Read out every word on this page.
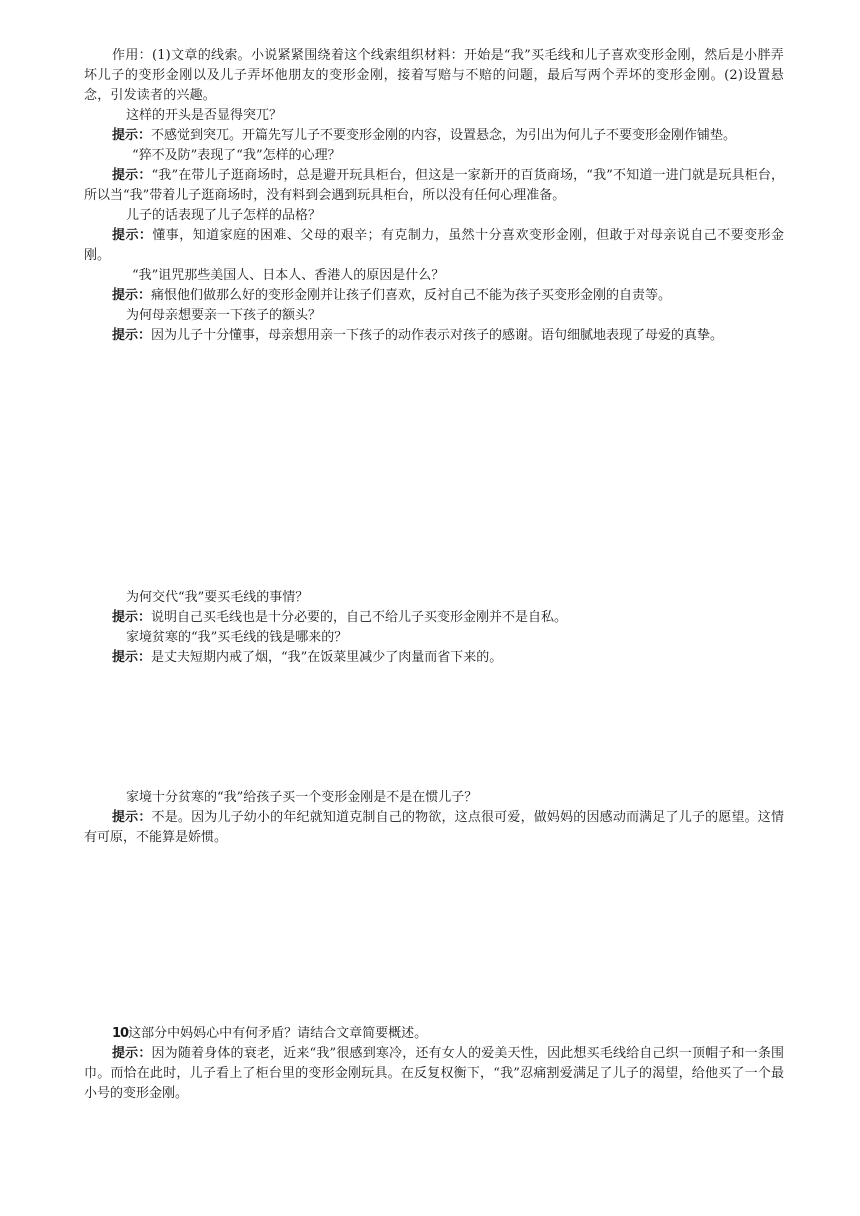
作用：(1)文章的线索。小说紧紧围绕着这个线索组织材料：开始是“我”买毛线和儿子喜欢变形金刚，然后是小胖弄坏儿子的变形金刚以及儿子弄坏他朋友的变形金刚，接着写赔与不赔的问题，最后写两个弄坏的变形金刚。(2)设置悬念，引发读者的兴趣。

这样的开头是否显得突兀？

提示：不感觉到突兀。开篇先写儿子不要变形金刚的内容，设置悬念，为引出为何儿子不要变形金刚作铺垫。

“猝不及防”表现了“我”怎样的心理？

提示：“我”在带儿子逛商场时，总是避开玩具柜台，但这是一家新开的百货商场，“我”不知道一进门就是玩具柜台，所以当“我”带着儿子逛商场时，没有料到会遇到玩具柜台，所以没有任何心理准备。

儿子的话表现了儿子怎样的品格？

提示：懂事，知道家庭的困难、父母的艰辛；有克制力，虽然十分喜欢变形金刚，但敢于对母亲说自己不要变形金刚。

“我”诅咒那些美国人、日本人、香港人的原因是什么？

提示：痛恨他们做那么好的变形金刚并让孩子们喜欢，反衬自己不能为孩子买变形金刚的自责等。

为何母亲想要亲一下孩子的额头？

提示：因为儿子十分懂事，母亲想用亲一下孩子的动作表示对孩子的感谢。语句细腻地表现了母爱的真挚。

为何交代“我”要买毛线的事情？

提示：说明自己买毛线也是十分必要的，自己不给儿子买变形金刚并不是自私。

家境贫寒的“我”买毛线的钱是哪来的？

提示：是丈夫短期内戒了烟，“我”在饭菜里减少了肉量而省下来的。

家境十分贫寒的“我”给孩子买一个变形金刚是不是在惯儿子？

提示：不是。因为儿子幼小的年纪就知道克制自己的物欲，这点很可爱，做妈妈的因感动而满足了儿子的愿望。这情有可原，不能算是娇惯。

10这部分中妈妈心中有何矛盾？请结合文章简要概述。

提示：因为随着身体的衰老，近来“我”很感到寒冷，还有女人的爱美天性，因此想买毛线给自己织一顶帽子和一条围巾。而恰在此时，儿子看上了柜台里的变形金刚玩具。在反复权衡下，“我”忍痛割爱满足了儿子的渴望，给他买了一个最小号的变形金刚。
